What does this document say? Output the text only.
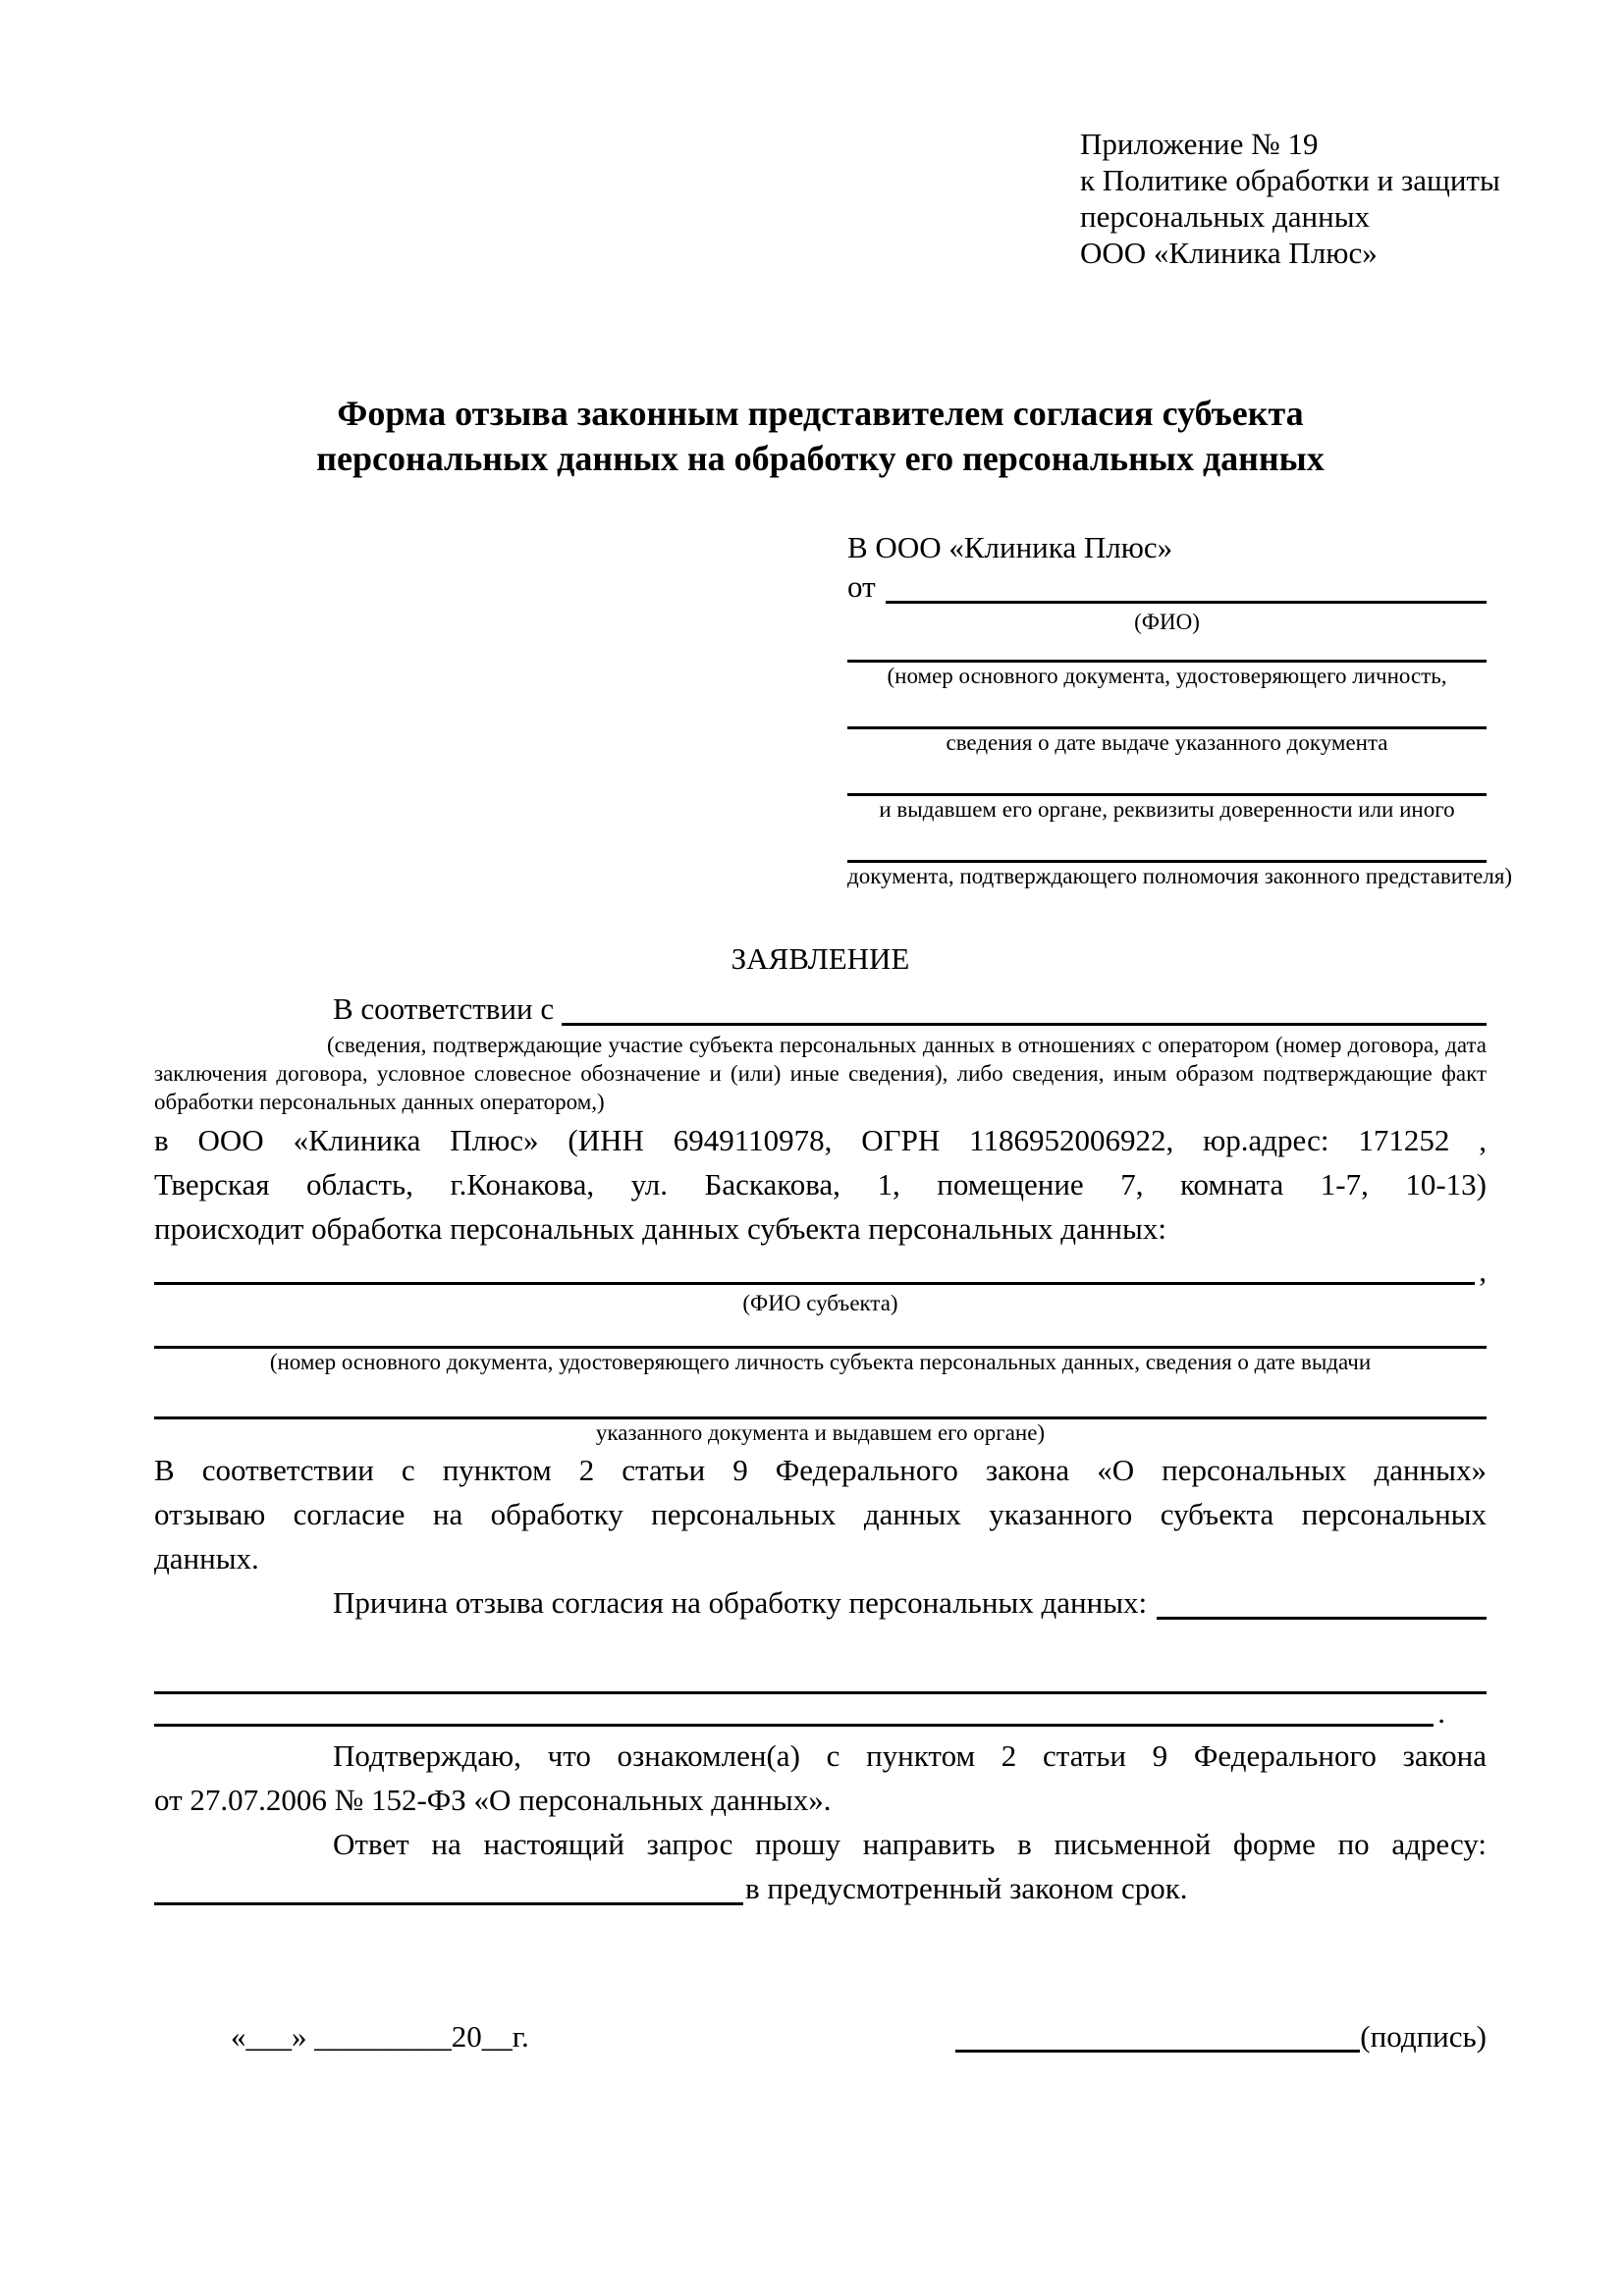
Приложение № 19
к Политике обработки и защиты
персональных данных
ООО «Клиника Плюс»
Форма отзыва законным представителем согласия субъекта
персональных данных на обработку его персональных данных
В ООО «Клиника Плюс»
от
(ФИО)
(номер основного документа, удостоверяющего личность,
сведения о дате выдаче указанного документа
и выдавшем его органе, реквизиты доверенности или иного
документа, подтверждающего полномочия законного представителя)
ЗАЯВЛЕНИЕ
В соответствии с
(сведения, подтверждающие участие субъекта персональных данных в отношениях с оператором (номер договора, дата
заключения договора, условное словесное обозначение и (или) иные сведения), либо сведения, иным образом подтверждающие факт
обработки персональных данных оператором,)
в ООО «Клиника Плюс» (ИНН 6949110978, ОГРН 1186952006922, юр.адрес: 171252 ,
Тверская область, г.Конакова, ул. Баскакова, 1, помещение 7, комната 1-7, 10-13)
происходит обработка персональных данных субъекта персональных данных:
,
(ФИО субъекта)
(номер основного документа, удостоверяющего личность субъекта персональных данных, сведения о дате выдачи
указанного документа и выдавшем его органе)
В соответствии с пунктом 2 статьи 9 Федерального закона «О персональных данных»
отзываю согласие на обработку персональных данных указанного субъекта персональных
данных.
Причина отзыва согласия на обработку персональных данных:
.
Подтверждаю, что ознакомлен(а) с пунктом 2 статьи 9 Федерального закона
от 27.07.2006 № 152-ФЗ «О персональных данных».
Ответ на настоящий запрос прошу направить в письменной форме по адресу:
в предусмотренный законом срок.
«___» _________20__г.	(подпись)
